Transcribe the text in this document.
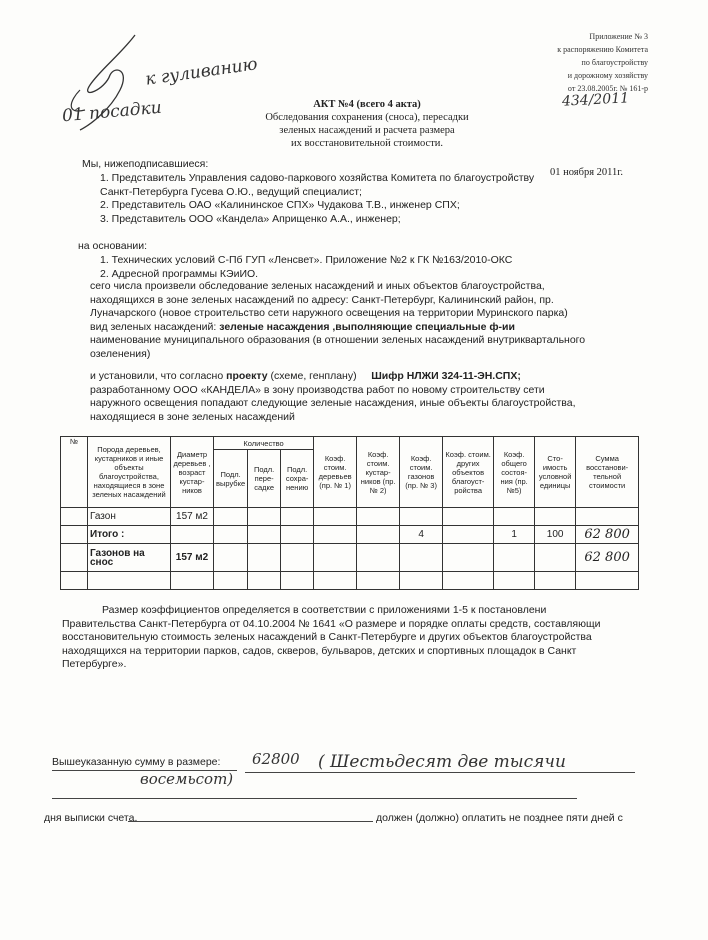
к гуливанию
01 посадки
Приложение № 3
к распоряжению Комитета
по благоустройству
и дорожному хозяйству
от 23.08.2005г. № 161-р
434/2011
АКТ №4 (всего 4 акта)
Обследования сохранения (сноса), пересадки
зеленых насаждений и расчета размера
их восстановительной стоимости.
Мы, нижеподписавшиеся:
01 ноября 2011г.
1. Представитель Управления садово-паркового хозяйства Комитета по благоустройству
Санкт-Петербурга Гусева О.Ю., ведущий специалист;
2. Представитель ОАО «Калининское СПХ» Чудакова Т.В., инженер СПХ;
3. Представитель ООО «Кандела» Априщенко А.А., инженер;
на основании:
1. Технических условий С-Пб ГУП «Ленсвет». Приложение №2 к ГК №163/2010-ОКС
2. Адресной программы КЭиИО.
сего числа произвели обследование зеленых насаждений и иных объектов благоустройства,
находящихся в зоне зеленых насаждений по адресу: Санкт-Петербург, Калининский район, пр.
Луначарского (новое строительство сети наружного освещения на территории Муринского парка)
вид зеленых насаждений: зеленые насаждения ,выполняющие специальные ф-ии
наименование муниципального образования (в отношении зеленых насаждений внутриквартального
озеленения)
и установили, что согласно проекту (схеме, генплану) Шифр НЛЖИ 324-11-ЭН.СПХ;
разработанному ООО «КАНДЕЛА» в зону производства работ по новому строительству сети
наружного освещения попадают следующие зеленые насаждения, иные объекты благоустройства,
находящиеся в зоне зеленых насаждений
№	Порода деревьев, кустарников и иные объекты благоустройства, находящиеся в зоне зеленых насаждений	Диаметр деревьев , возраст кустар-ников	Количество			Коэф. стоим. деревьев (пр. № 1)	Коэф. стоим. кустар-ников (пр. № 2)	Коэф. стоим. газонов (пр. № 3)	Коэф. стоим. других объектов благоуст-ройства	Коэф. общего состоя-ния (пр.№5)	Сто-имость условной единицы	Сумма восстанови-тельной стоимости
			Подл. вырубке	Подл. пере-садке	Подл. сохра-нению							
	Газон	157 м2										
	Итого :							4		1	100	62 800
	Газонов на снос	157 м2										62 800

Размер коэффициентов определяется в соответствии с приложениями 1-5 к постановлени
Правительства Санкт-Петербурга от 04.10.2004 № 1641 «О размере и порядке оплаты средств, составляющи
восстановительную стоимость зеленых насаждений в Санкт-Петербурге и других объектов благоустройства
находящихся на территории парков, садов, скверов, бульваров, детских и спортивных площадок в Санкт
Петербурге».
Вышеуказанную сумму в размере: 62800 ( Шестьдесят две тысячи
восемьсот)
должен (должно) оплатить не позднее пяти дней с
дня выписки счета.
